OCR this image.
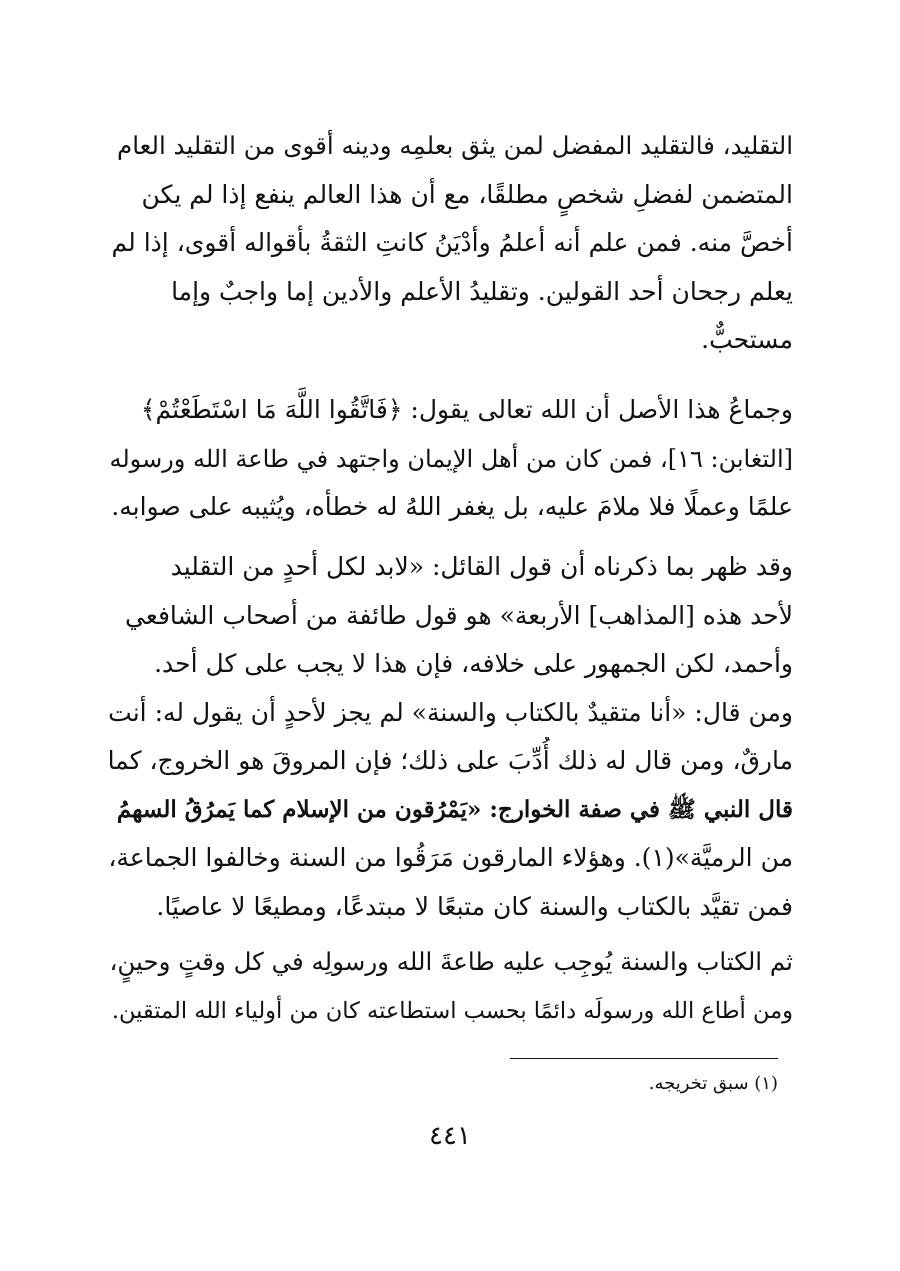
التقليد، فالتقليد المفضل لمن يثق بعلمِه ودينه أقوى من التقليد العام
المتضمن لفضلِ شخصٍ مطلقًا، مع أن هذا العالم ينفع إذا لم يكن
أخصَّ منه. فمن علم أنه أعلمُ وأدْيَنُ كانتِ الثقةُ بأقواله أقوى، إذا لم
يعلم رجحان أحد القولين. وتقليدُ الأعلم والأدين إما واجبٌ وإما
مستحبٌّ.
وجماعُ هذا الأصل أن الله تعالى يقول: ﴿فَاتَّقُوا اللَّهَ مَا اسْتَطَعْتُمْ﴾
[التغابن: ١٦]، فمن كان من أهل الإيمان واجتهد في طاعة الله ورسوله
علمًا وعملًا فلا ملامَ عليه، بل يغفر اللهُ له خطأه، ويُثيبه على صوابه.
وقد ظهر بما ذكرناه أن قول القائل: «لابد لكل أحدٍ من التقليد
لأحد هذه [المذاهب] الأربعة» هو قول طائفة من أصحاب الشافعي
وأحمد، لكن الجمهور على خلافه، فإن هذا لا يجب على كل أحد.
ومن قال: «أنا متقيدٌ بالكتاب والسنة» لم يجز لأحدٍ أن يقول له: أنت
مارقٌ، ومن قال له ذلك أُدِّبَ على ذلك؛ فإن المروقَ هو الخروج، كما
قال النبي ﷺ في صفة الخوارج: «يَمْرُقون من الإسلام كما يَمرُقُ السهمُ
من الرميَّة»(١). وهؤلاء المارقون مَرَقُوا من السنة وخالفوا الجماعة،
فمن تقيَّد بالكتاب والسنة كان متبعًا لا مبتدعًا، ومطيعًا لا عاصيًا.
ثم الكتاب والسنة يُوجِب عليه طاعةَ الله ورسولِه في كل وقتٍ وحينٍ،
ومن أطاع الله ورسولَه دائمًا بحسب استطاعته كان من أولياء الله المتقين.
(١) سبق تخريجه.
٤٤١
